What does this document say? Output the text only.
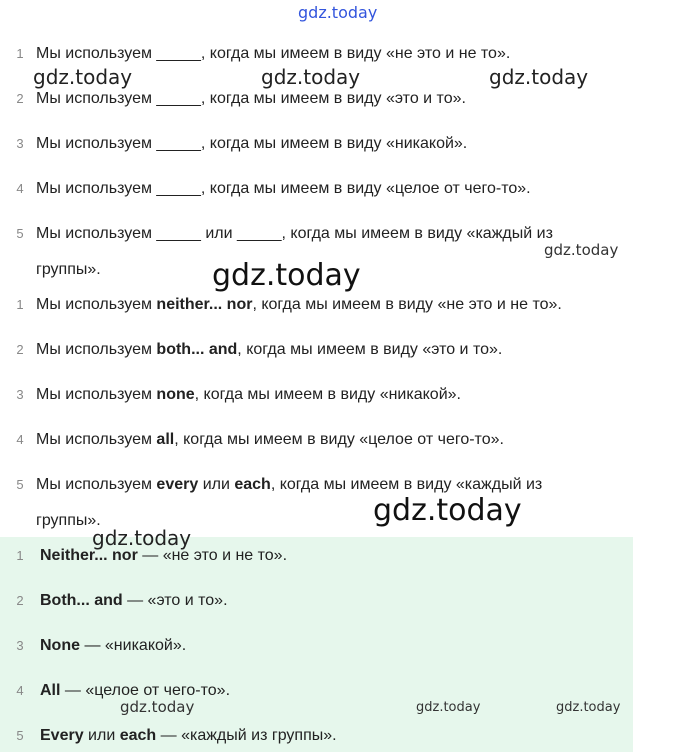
gdz.today
1 Мы используем _____, когда мы имеем в виду «не это и не то».
gdz.today	gdz.today	gdz.today
2 Мы используем _____, когда мы имеем в виду «это и то».
3 Мы используем _____, когда мы имеем в виду «никакой».
4 Мы используем _____, когда мы имеем в виду «целое от чего-то».
5 Мы используем _____ или _____, когда мы имеем в виду «каждый из
gdz.today
группы».	gdz.today
1 Мы используем neither... nor, когда мы имеем в виду «не это и не то».
2 Мы используем both... and, когда мы имеем в виду «это и то».
3 Мы используем none, когда мы имеем в виду «никакой».
4 Мы используем all, когда мы имеем в виду «целое от чего-то».
5 Мы используем every или each, когда мы имеем в виду «каждый из
группы».	gdz.today
gdz.today
1 Neither... nor — «не это и не то».
2 Both... and — «это и то».
3 None — «никакой».
4 All — «целое от чего-то».
gdz.today	gdz.today	gdz.today
5 Every или each — «каждый из группы».
